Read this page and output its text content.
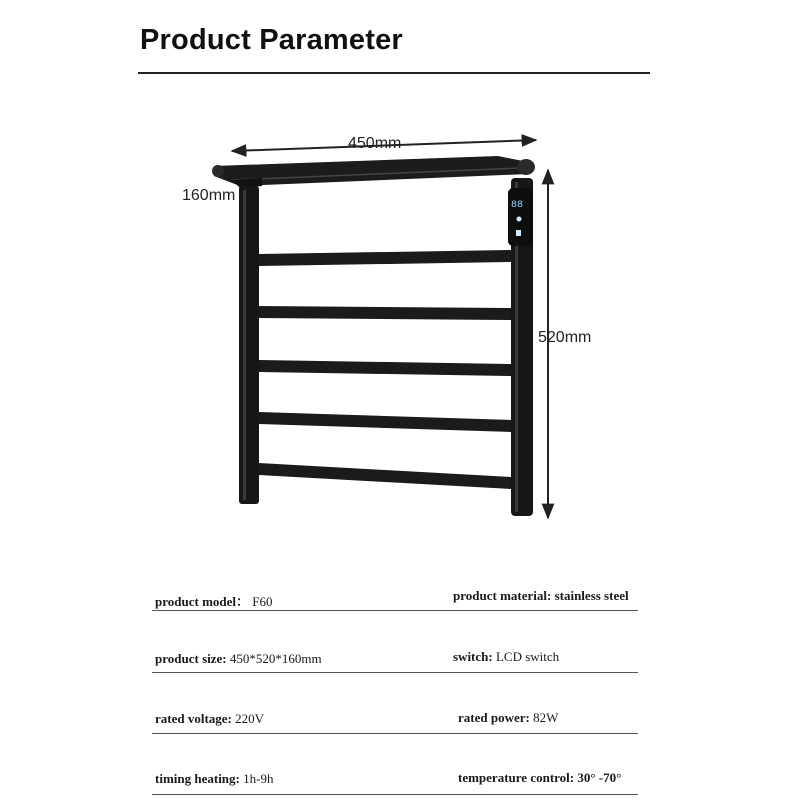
Product Parameter
450mm
160mm
520mm
88
product model： F60	product material: stainless steel
product size: 450*520*160mm	switch: LCD switch
rated voltage: 220V	rated power: 82W
timing heating: 1h-9h	temperature control: 30° -70°
